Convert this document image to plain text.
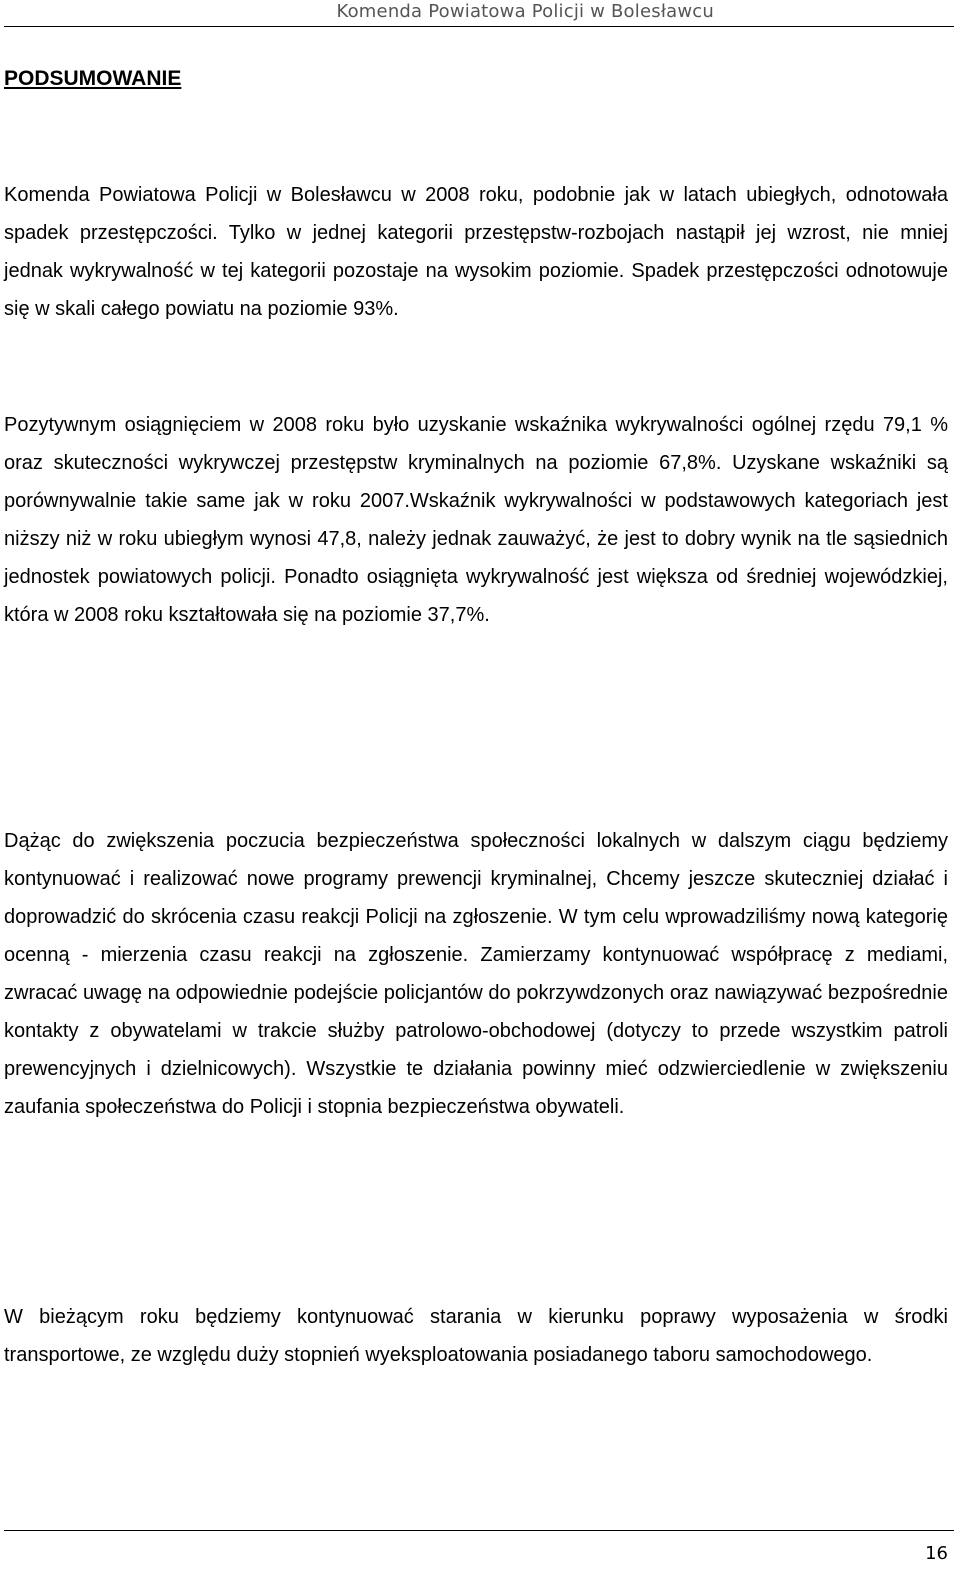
Komenda Powiatowa Policji w Bolesławcu
PODSUMOWANIE

Komenda Powiatowa Policji w Bolesławcu w 2008 roku, podobnie jak w latach ubiegłych, odnotowała spadek przestępczości. Tylko w jednej kategorii przestępstw-rozbojach nastąpił jej wzrost, nie mniej jednak wykrywalność w tej kategorii pozostaje na wysokim poziomie. Spadek przestępczości odnotowuje się w skali całego powiatu na poziomie 93%.

Pozytywnym osiągnięciem w 2008 roku było uzyskanie wskaźnika wykrywalności ogólnej rzędu 79,1 % oraz skuteczności wykrywczej przestępstw kryminalnych na poziomie 67,8%. Uzyskane wskaźniki są porównywalnie takie same jak w roku 2007.Wskaźnik wykrywalności w podstawowych kategoriach jest niższy niż w roku ubiegłym wynosi 47,8, należy jednak zauważyć, że jest to dobry wynik na tle sąsiednich jednostek powiatowych policji. Ponadto osiągnięta wykrywalność jest większa od średniej wojewódzkiej, która w 2008 roku kształtowała się na poziomie 37,7%.

Dążąc do zwiększenia poczucia bezpieczeństwa społeczności lokalnych w dalszym ciągu będziemy kontynuować i realizować nowe programy prewencji kryminalnej, Chcemy jeszcze skuteczniej działać i doprowadzić do skrócenia czasu reakcji Policji na zgłoszenie. W tym celu wprowadziliśmy nową kategorię ocenną - mierzenia czasu reakcji na zgłoszenie. Zamierzamy kontynuować współpracę z mediami, zwracać uwagę na odpowiednie podejście policjantów do pokrzywdzonych oraz nawiązywać bezpośrednie kontakty z obywatelami w trakcie służby patrolowo-obchodowej (dotyczy to przede wszystkim patroli prewencyjnych i dzielnicowych). Wszystkie te działania powinny mieć odzwierciedlenie w zwiększeniu zaufania społeczeństwa do Policji i stopnia bezpieczeństwa obywateli.

W bieżącym roku będziemy kontynuować starania w kierunku poprawy wyposażenia w środki transportowe, ze względu duży stopnień wyeksploatowania posiadanego taboru samochodowego.

16
